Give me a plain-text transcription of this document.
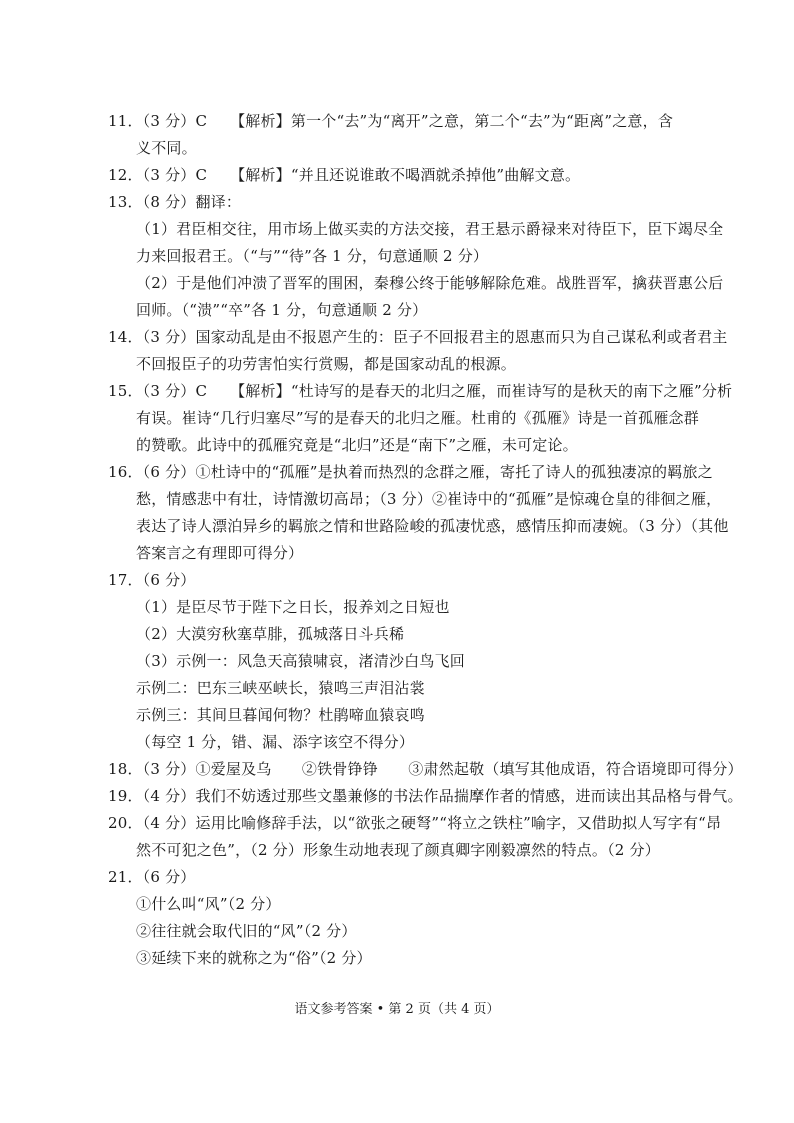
11．（3 分）C　　【解析】第一个“去”为“离开”之意，第二个“去”为“距离”之意，含
义不同。
12．（3 分）C　　【解析】“并且还说谁敢不喝酒就杀掉他”曲解文意。
13．（8 分）翻译：
（1）君臣相交往，用市场上做买卖的方法交接，君王悬示爵禄来对待臣下，臣下竭尽全
力来回报君王。（“与”“待”各 1 分，句意通顺 2 分）
（2）于是他们冲溃了晋军的围困，秦穆公终于能够解除危难。战胜晋军，擒获晋惠公后
回师。（“溃”“卒”各 1 分，句意通顺 2 分）
14．（3 分）国家动乱是由不报恩产生的：臣子不回报君主的恩惠而只为自己谋私利或者君主
不回报臣子的功劳害怕实行赏赐，都是国家动乱的根源。
15．（3 分）C　　【解析】“杜诗写的是春天的北归之雁，而崔诗写的是秋天的南下之雁”分析
有误。崔诗“几行归塞尽”写的是春天的北归之雁。杜甫的《孤雁》诗是一首孤雁念群
的赞歌。此诗中的孤雁究竟是“北归”还是“南下”之雁，未可定论。
16．（6 分）①杜诗中的“孤雁”是执着而热烈的念群之雁，寄托了诗人的孤独凄凉的羁旅之
愁，情感悲中有壮，诗情激切高昂；（3 分）②崔诗中的“孤雁”是惊魂仓皇的徘徊之雁，
表达了诗人漂泊异乡的羁旅之情和世路险峻的孤凄忧惑，感情压抑而凄婉。（3 分）（其他
答案言之有理即可得分）
17．（6 分）
（1）是臣尽节于陛下之日长，报养刘之日短也
（2）大漠穷秋塞草腓，孤城落日斗兵稀
（3）示例一：风急天高猿啸哀，渚清沙白鸟飞回
示例二：巴东三峡巫峡长，猿鸣三声泪沾裳
示例三：其间旦暮闻何物？杜鹃啼血猿哀鸣
（每空 1 分，错、漏、添字该空不得分）
18．（3 分）①爱屋及乌　　②铁骨铮铮　　③肃然起敬（填写其他成语，符合语境即可得分）
19．（4 分）我们不妨透过那些文墨兼修的书法作品揣摩作者的情感，进而读出其品格与骨气。
20．（4 分）运用比喻修辞手法，以“欲张之硬弩”“将立之铁柱”喻字，又借助拟人写字有“昂
然不可犯之色”，（2 分）形象生动地表现了颜真卿字刚毅凛然的特点。（2 分）
21．（6 分）
①什么叫“风”（2 分）
②往往就会取代旧的“风”（2 分）
③延续下来的就称之为“俗”（2 分）
语文参考答案 • 第 2 页（共 4 页）
